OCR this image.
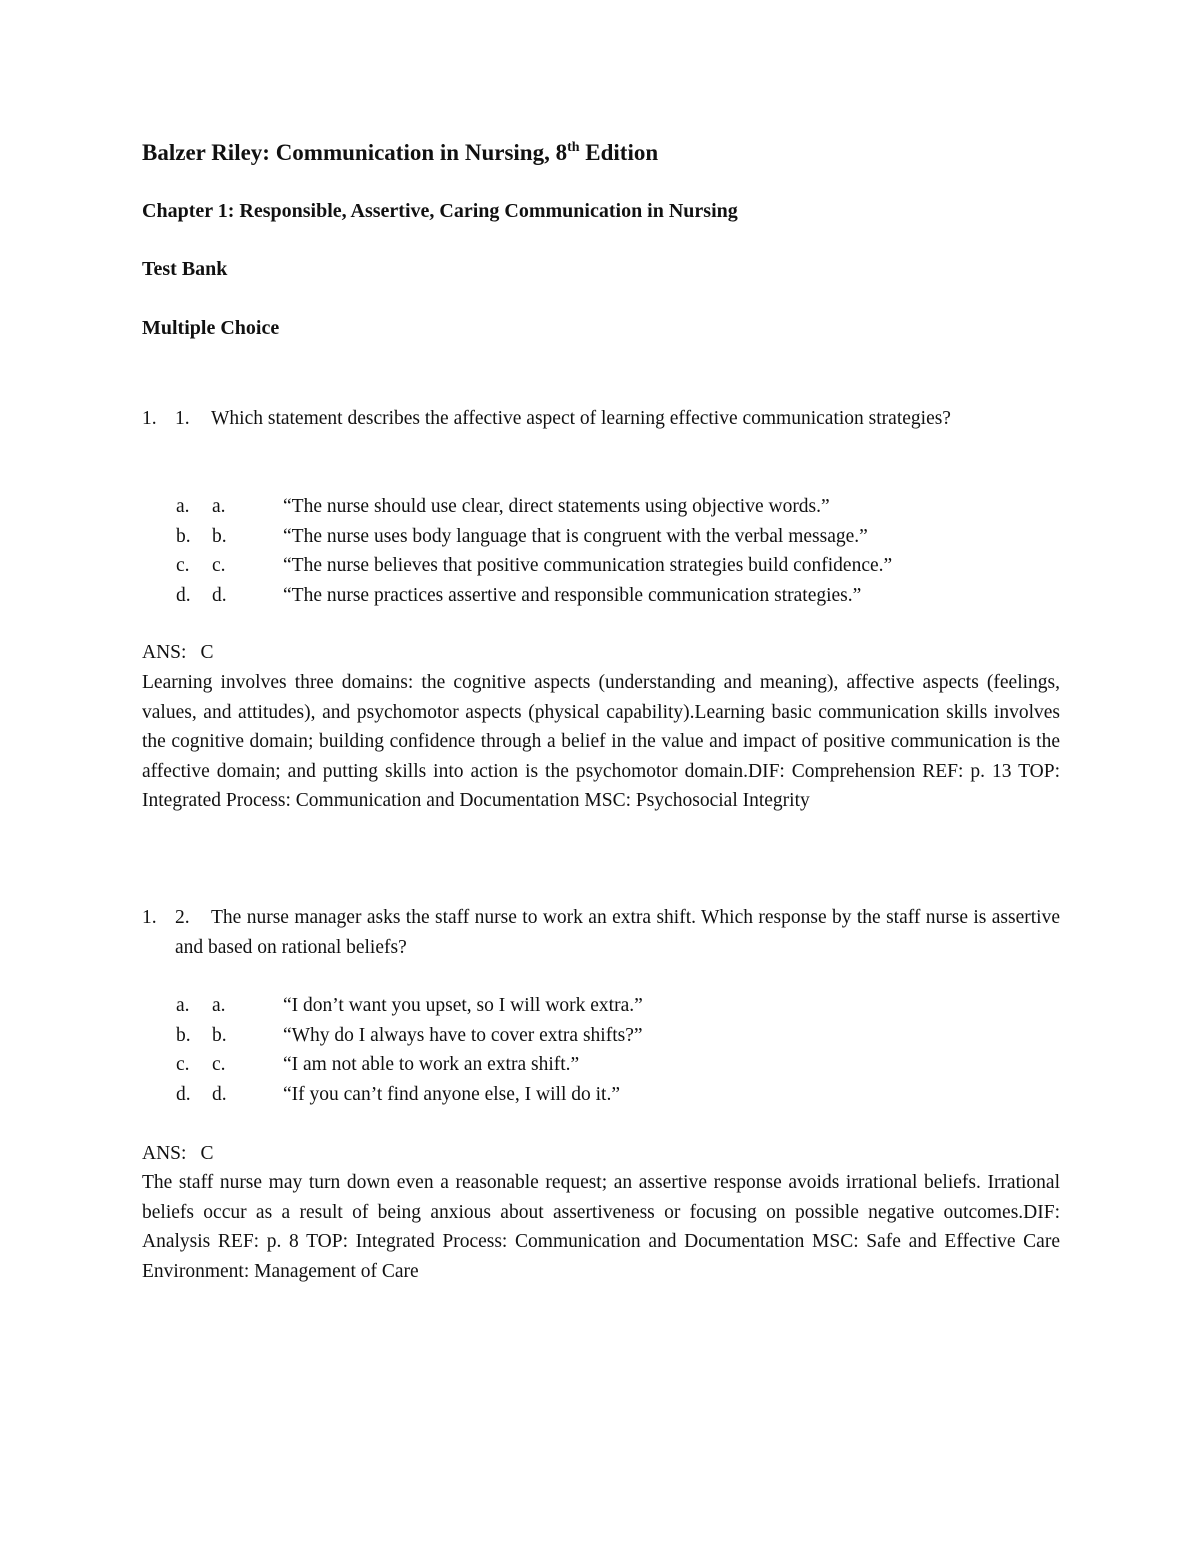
Balzer Riley: Communication in Nursing, 8th Edition
Chapter 1: Responsible, Assertive, Caring Communication in Nursing
Test Bank
Multiple Choice
1. 1. Which statement describes the affective aspect of learning effective communication strategies?
a.	a.	“The nurse should use clear, direct statements using objective words.”
b.	b.	“The nurse uses body language that is congruent with the verbal message.”
c.	c.	“The nurse believes that positive communication strategies build confidence.”
d.	d.	“The nurse practices assertive and responsible communication strategies.”
ANS: C
Learning involves three domains: the cognitive aspects (understanding and meaning), affective aspects (feelings, values, and attitudes), and psychomotor aspects (physical capability).Learning basic communication skills involves the cognitive domain; building confidence through a belief in the value and impact of positive communication is the affective domain; and putting skills into action is the psychomotor domain.DIF: Comprehension REF: p. 13 TOP: Integrated Process: Communication and Documentation MSC: Psychosocial Integrity
1. 2. The nurse manager asks the staff nurse to work an extra shift. Which response by the staff nurse is assertive and based on rational beliefs?
a.	a.	“I don’t want you upset, so I will work extra.”
b.	b.	“Why do I always have to cover extra shifts?”
c.	c.	“I am not able to work an extra shift.”
d.	d.	“If you can’t find anyone else, I will do it.”
ANS: C
The staff nurse may turn down even a reasonable request; an assertive response avoids irrational beliefs. Irrational beliefs occur as a result of being anxious about assertiveness or focusing on possible negative outcomes.DIF: Analysis REF: p. 8 TOP: Integrated Process: Communication and Documentation MSC: Safe and Effective Care Environment: Management of Care
